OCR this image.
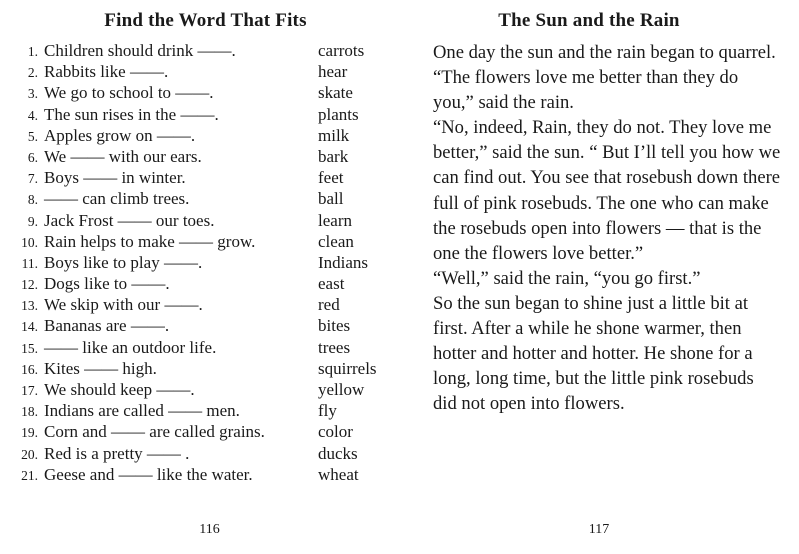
Find the Word That Fits
1. Children should drink ——.	carrots
2. Rabbits like ——.	hear
3. We go to school to ——.	skate
4. The sun rises in the ——.	plants
5. Apples grow on ——.	milk
6. We —— with our ears.	bark
7. Boys —— in winter.	feet
8. —— can climb trees.	ball
9. Jack Frost —— our toes.	learn
10. Rain helps to make —— grow.	clean
11. Boys like to play ——.	Indians
12. Dogs like to ——.	east
13. We skip with our ——.	red
14. Bananas are ——.	bites
15. —— like an outdoor life.	trees
16. Kites —— high.	squirrels
17. We should keep ——.	yellow
18. Indians are called —— men.	fly
19. Corn and —— are called grains.	color
20. Red is a pretty —— .	ducks
21. Geese and —— like the water.	wheat
116
The Sun and the Rain

One day the sun and the rain began to quarrel.

“The flowers love me better than they do you,” said the rain.

“No, indeed, Rain, they do not. They love me better,” said the sun. “ But I’ll tell you how we can find out. You see that rosebush down there full of pink rosebuds. The one who can make the rosebuds open into flowers — that is the one the flowers love better.”

“Well,” said the rain, “you go first.”

So the sun began to shine just a little bit at first. After a while he shone warmer, then hotter and hotter and hotter. He shone for a long, long time, but the little pink rosebuds did not open into flowers.

117
